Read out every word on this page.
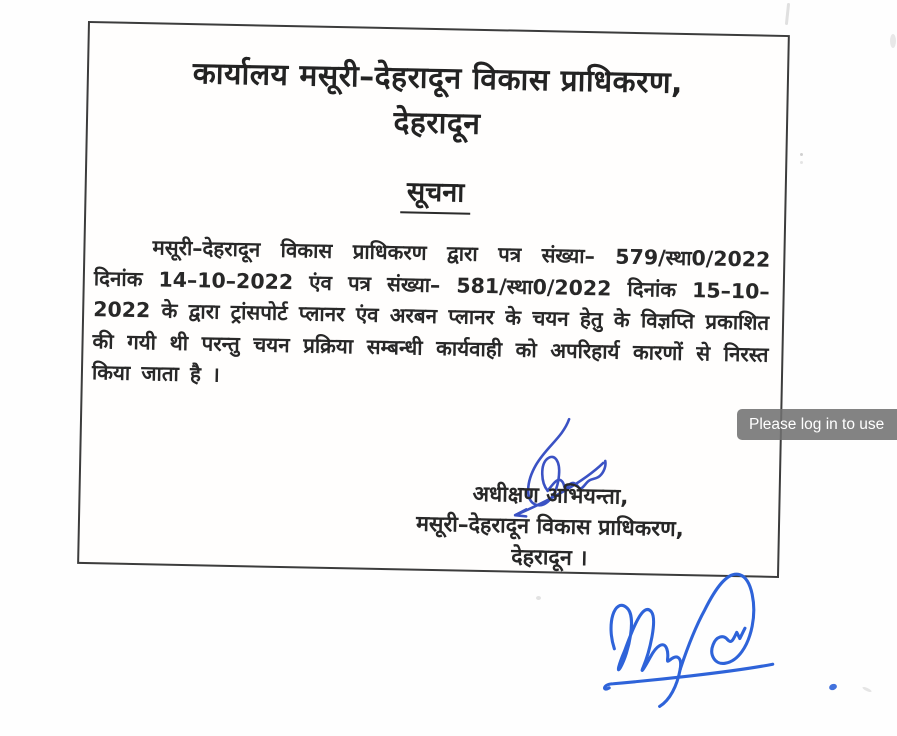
कार्यालय मसूरी–देहरादून विकास प्राधिकरण,
देहरादून
सूचना

मसूरी–देहरादून विकास प्राधिकरण द्वारा पत्र संख्या– 579/स्था0/2022 दिनांक 14–10–2022 एंव पत्र संख्या– 581/स्था0/2022 दिनांक 15–10–2022 के द्वारा ट्रांसपोर्ट प्लानर एंव अरबन प्लानर के चयन हेतु के विज्ञप्ति प्रकाशित की गयी थी परन्तु चयन प्रक्रिया सम्बन्धी कार्यवाही को अपरिहार्य कारणों से निरस्त किया जाता है ।

अधीक्षण अभियन्ता,
मसूरी–देहरादून विकास प्राधिकरण,
देहरादून ।
Please log in to use
